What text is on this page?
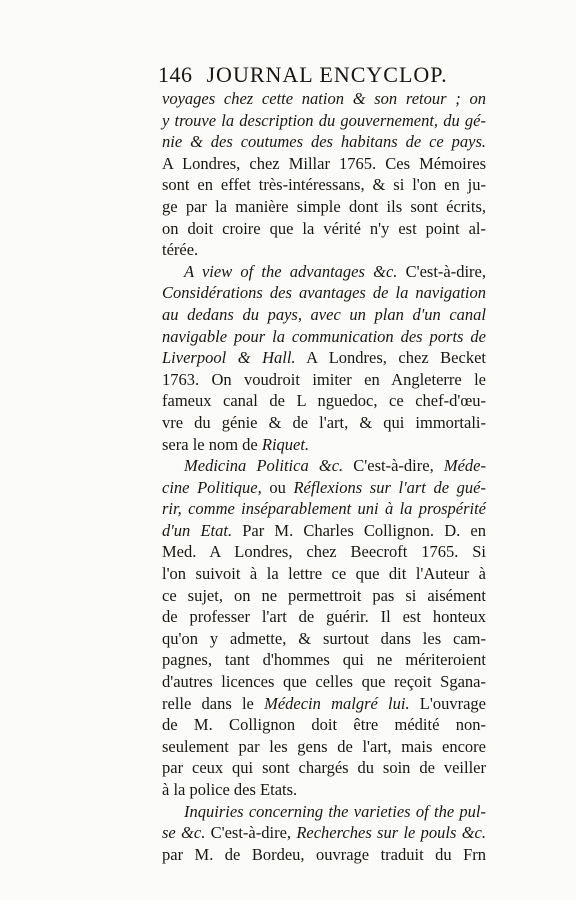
146 JOURNAL ENCYCLOP.
voyages chez cette nation & son retour ; on
y trouve la description du gouvernement, du gé-
nie & des coutumes des habitans de ce pays.
A Londres, chez Millar 1765. Ces Mémoires
sont en effet très-intéressans, & si l'on en ju-
ge par la manière simple dont ils sont écrits,
on doit croire que la vérité n'y est point al-
térée.
A view of the advantages &c. C'est-à-dire,
Considérations des avantages de la navigation
au dedans du pays, avec un plan d'un canal
navigable pour la communication des ports de
Liverpool & Hall. A Londres, chez Becket
1763. On voudroit imiter en Angleterre le
fameux canal de L nguedoc, ce chef-d'œu-
vre du génie & de l'art, & qui immortali-
sera le nom de Riquet.
Medicina Politica &c. C'est-à-dire, Méde-
cine Politique, ou Réflexions sur l'art de gué-
rir, comme inséparablement uni à la prospérité
d'un Etat. Par M. Charles Collignon. D. en
Med. A Londres, chez Beecroft 1765. Si
l'on suivoit à la lettre ce que dit l'Auteur à
ce sujet, on ne permettroit pas si aisément
de professer l'art de guérir. Il est honteux
qu'on y admette, & surtout dans les cam-
pagnes, tant d'hommes qui ne mériteroient
d'autres licences que celles que reçoit Sgana-
relle dans le Médecin malgré lui. L'ouvrage
de M. Collignon doit être médité non-
seulement par les gens de l'art, mais encore
par ceux qui sont chargés du soin de veiller
à la police des Etats.
Inquiries concerning the varieties of the pul-
se &c. C'est-à-dire, Recherches sur le pouls &c.
par M. de Bordeu, ouvrage traduit du Frn
